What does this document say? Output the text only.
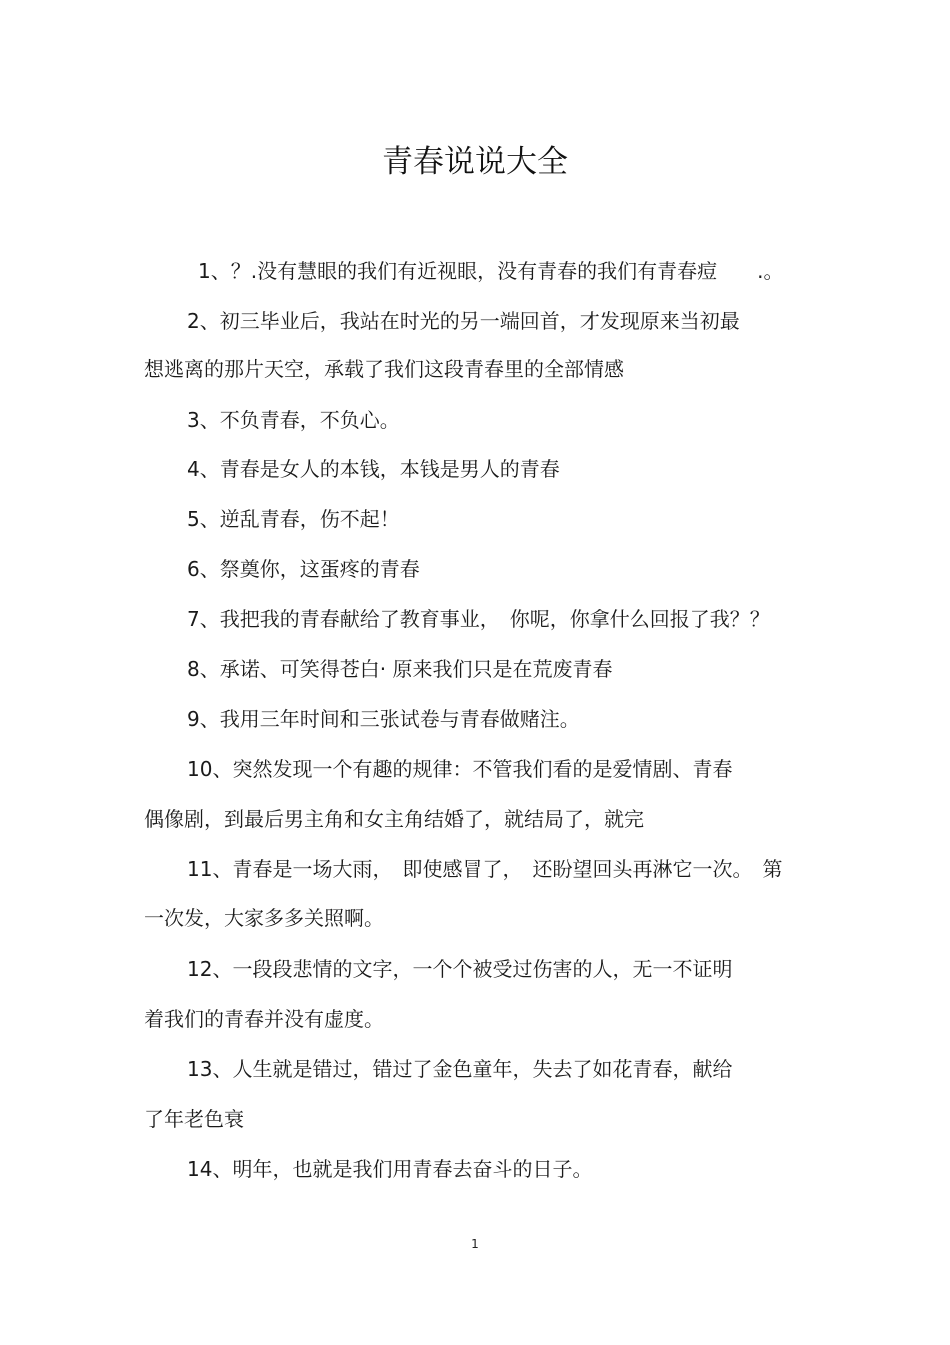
青春说说大全
1、？.没有慧眼的我们有近视眼，没有青春的我们有青春痘　　.。
2、初三毕业后，我站在时光的另一端回首，才发现原来当初最
想逃离的那片天空，承载了我们这段青春里的全部情感
3、不负青春，不负心。
4、青春是女人的本钱，本钱是男人的青春
5、逆乱青春，伤不起！
6、祭奠你，这蛋疼的青春
7、我把我的青春献给了教育事业，　你呢，你拿什么回报了我？？
8、承诺、可笑得苍白· 原来我们只是在荒废青春
9、我用三年时间和三张试卷与青春做赌注。
10、突然发现一个有趣的规律：不管我们看的是爱情剧、青春
偶像剧，到最后男主角和女主角结婚了，就结局了，就完
11、青春是一场大雨，　即使感冒了，　还盼望回头再淋它一次。　第
一次发，大家多多关照啊。
12、一段段悲情的文字，一个个被受过伤害的人，无一不证明
着我们的青春并没有虚度。
13、人生就是错过，错过了金色童年，失去了如花青春，献给
了年老色衰
14、明年，也就是我们用青春去奋斗的日子。
1
